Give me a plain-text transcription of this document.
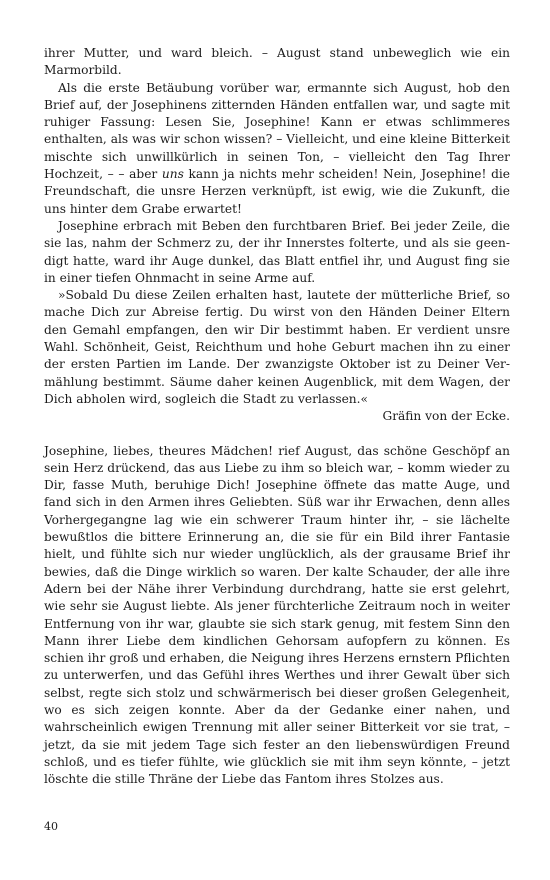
ihrer Mutter, und ward bleich. – August stand unbeweglich wie ein Marmorbild.

Als die erste Betäubung vorüber war, ermannte sich August, hob den Brief auf, der Josephinens zitternden Händen entfallen war, und sagte mit ruhiger Fassung: Lesen Sie, Josephine! Kann er etwas schlimmeres enthalten, als was wir schon wissen? – Vielleicht, und eine kleine Bitterkeit mischte sich unwillkürlich in seinen Ton, – vielleicht den Tag Ihrer Hochzeit, – – aber uns kann ja nichts mehr scheiden! Nein, Josephine! die Freundschaft, die unsre Herzen verknüpft, ist ewig, wie die Zukunft, die uns hinter dem Grabe erwartet!

Josephine erbrach mit Beben den furchtbaren Brief. Bei jeder Zeile, die sie las, nahm der Schmerz zu, der ihr Innerstes folterte, und als sie geendigt hatte, ward ihr Auge dunkel, das Blatt entfiel ihr, und August fing sie in einer tiefen Ohnmacht in seine Arme auf.

»Sobald Du diese Zeilen erhalten hast, lautete der mütterliche Brief, so mache Dich zur Abreise fertig. Du wirst von den Händen Deiner Eltern den Gemahl empfangen, den wir Dir bestimmt haben. Er verdient unsre Wahl. Schönheit, Geist, Reichthum und hohe Geburt machen ihn zu einer der ersten Partien im Lande. Der zwanzigste Oktober ist zu Deiner Vermählung bestimmt. Säume daher keinen Augenblick, mit dem Wagen, der Dich abholen wird, sogleich die Stadt zu verlassen.«

Gräfin von der Ecke.

Josephine, liebes, theures Mädchen! rief August, das schöne Geschöpf an sein Herz drückend, das aus Liebe zu ihm so bleich war, – komm wieder zu Dir, fasse Muth, beruhige Dich! Josephine öffnete das matte Auge, und fand sich in den Armen ihres Geliebten. Süß war ihr Erwachen, denn alles Vorhergegangne lag wie ein schwerer Traum hinter ihr, – sie lächelte bewußtlos die bittere Erinnerung an, die sie für ein Bild ihrer Fantasie hielt, und fühlte sich nur wieder unglücklich, als der grausame Brief ihr bewies, daß die Dinge wirklich so waren. Der kalte Schauder, der alle ihre Adern bei der Nähe ihrer Verbindung durchdrang, hatte sie erst gelehrt, wie sehr sie August liebte. Als jener fürchterliche Zeitraum noch in weiter Entfernung von ihr war, glaubte sie sich stark genug, mit festem Sinn den Mann ihrer Liebe dem kindlichen Gehorsam aufopfern zu können. Es schien ihr groß und erhaben, die Neigung ihres Herzens ernstern Pflichten zu unterwerfen, und das Gefühl ihres Werthes und ihrer Gewalt über sich selbst, regte sich stolz und schwärmerisch bei dieser großen Gelegenheit, wo es sich zeigen konnte. Aber da der Gedanke einer nahen, und wahrscheinlich ewigen Trennung mit aller seiner Bitterkeit vor sie trat, – jetzt, da sie mit jedem Tage sich fester an den liebenswürdigen Freund schloß, und es tiefer fühlte, wie glücklich sie mit ihm seyn könnte, – jetzt löschte die stille Thräne der Liebe das Fantom ihres Stolzes aus.

40
